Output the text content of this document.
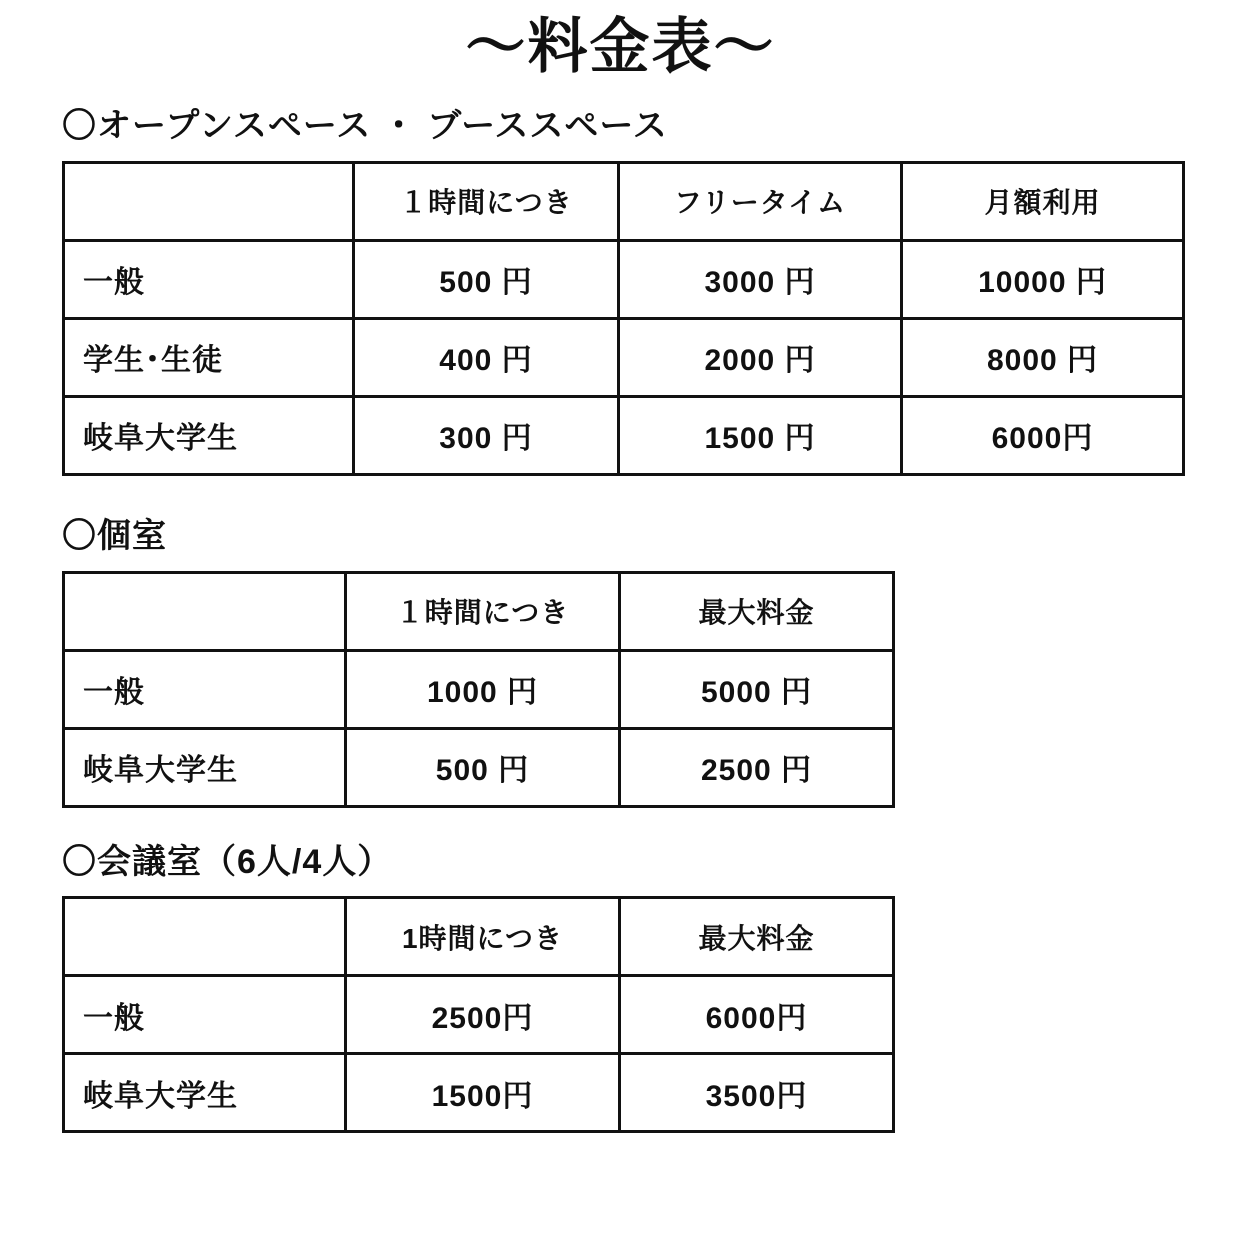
〜料金表〜
〇オープンスペース ・ ブーススペース
	１時間につき	フリータイム	月額利用
一般	500 円	3000 円	10000 円
学生･生徒	400 円	2000 円	8000 円
岐阜大学生	300 円	1500 円	6000円
〇個室
	１時間につき	最大料金
一般	1000 円	5000 円
岐阜大学生	500 円	2500 円
〇会議室（6人/4人）
	1時間につき	最大料金
一般	2500円	6000円
岐阜大学生	1500円	3500円
